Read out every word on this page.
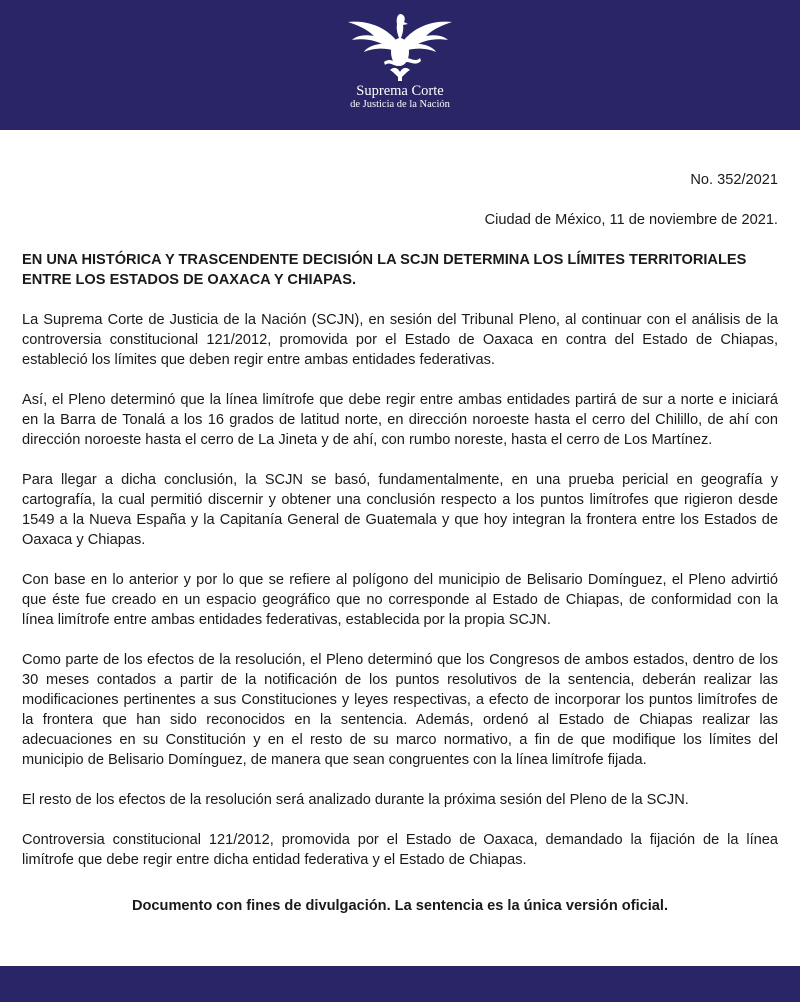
Suprema Corte
de Justicia de la Nación

No. 352/2021

Ciudad de México, 11 de noviembre de 2021.

EN UNA HISTÓRICA Y TRASCENDENTE DECISIÓN LA SCJN DETERMINA LOS LÍMITES TERRITORIALES ENTRE LOS ESTADOS DE OAXACA Y CHIAPAS.

La Suprema Corte de Justicia de la Nación (SCJN), en sesión del Tribunal Pleno, al continuar con el análisis de la controversia constitucional 121/2012, promovida por el Estado de Oaxaca en contra del Estado de Chiapas, estableció los límites que deben regir entre ambas entidades federativas.

Así, el Pleno determinó que la línea limítrofe que debe regir entre ambas entidades partirá de sur a norte e iniciará en la Barra de Tonalá a los 16 grados de latitud norte, en dirección noroeste hasta el cerro del Chilillo, de ahí con dirección noroeste hasta el cerro de La Jineta y de ahí, con rumbo noreste, hasta el cerro de Los Martínez.

Para llegar a dicha conclusión, la SCJN se basó, fundamentalmente, en una prueba pericial en geografía y cartografía, la cual permitió discernir y obtener una conclusión respecto a los puntos limítrofes que rigieron desde 1549 a la Nueva España y la Capitanía General de Guatemala y que hoy integran la frontera entre los Estados de Oaxaca y Chiapas.

Con base en lo anterior y por lo que se refiere al polígono del municipio de Belisario Domínguez, el Pleno advirtió que éste fue creado en un espacio geográfico que no corresponde al Estado de Chiapas, de conformidad con la línea limítrofe entre ambas entidades federativas, establecida por la propia SCJN.

Como parte de los efectos de la resolución, el Pleno determinó que los Congresos de ambos estados, dentro de los 30 meses contados a partir de la notificación de los puntos resolutivos de la sentencia, deberán realizar las modificaciones pertinentes a sus Constituciones y leyes respectivas, a efecto de incorporar los puntos limítrofes de la frontera que han sido reconocidos en la sentencia. Además, ordenó al Estado de Chiapas realizar las adecuaciones en su Constitución y en el resto de su marco normativo, a fin de que modifique los límites del municipio de Belisario Domínguez, de manera que sean congruentes con la línea limítrofe fijada.

El resto de los efectos de la resolución será analizado durante la próxima sesión del Pleno de la SCJN.

Controversia constitucional 121/2012, promovida por el Estado de Oaxaca, demandado la fijación de la línea limítrofe que debe regir entre dicha entidad federativa y el Estado de Chiapas.

Documento con fines de divulgación. La sentencia es la única versión oficial.
